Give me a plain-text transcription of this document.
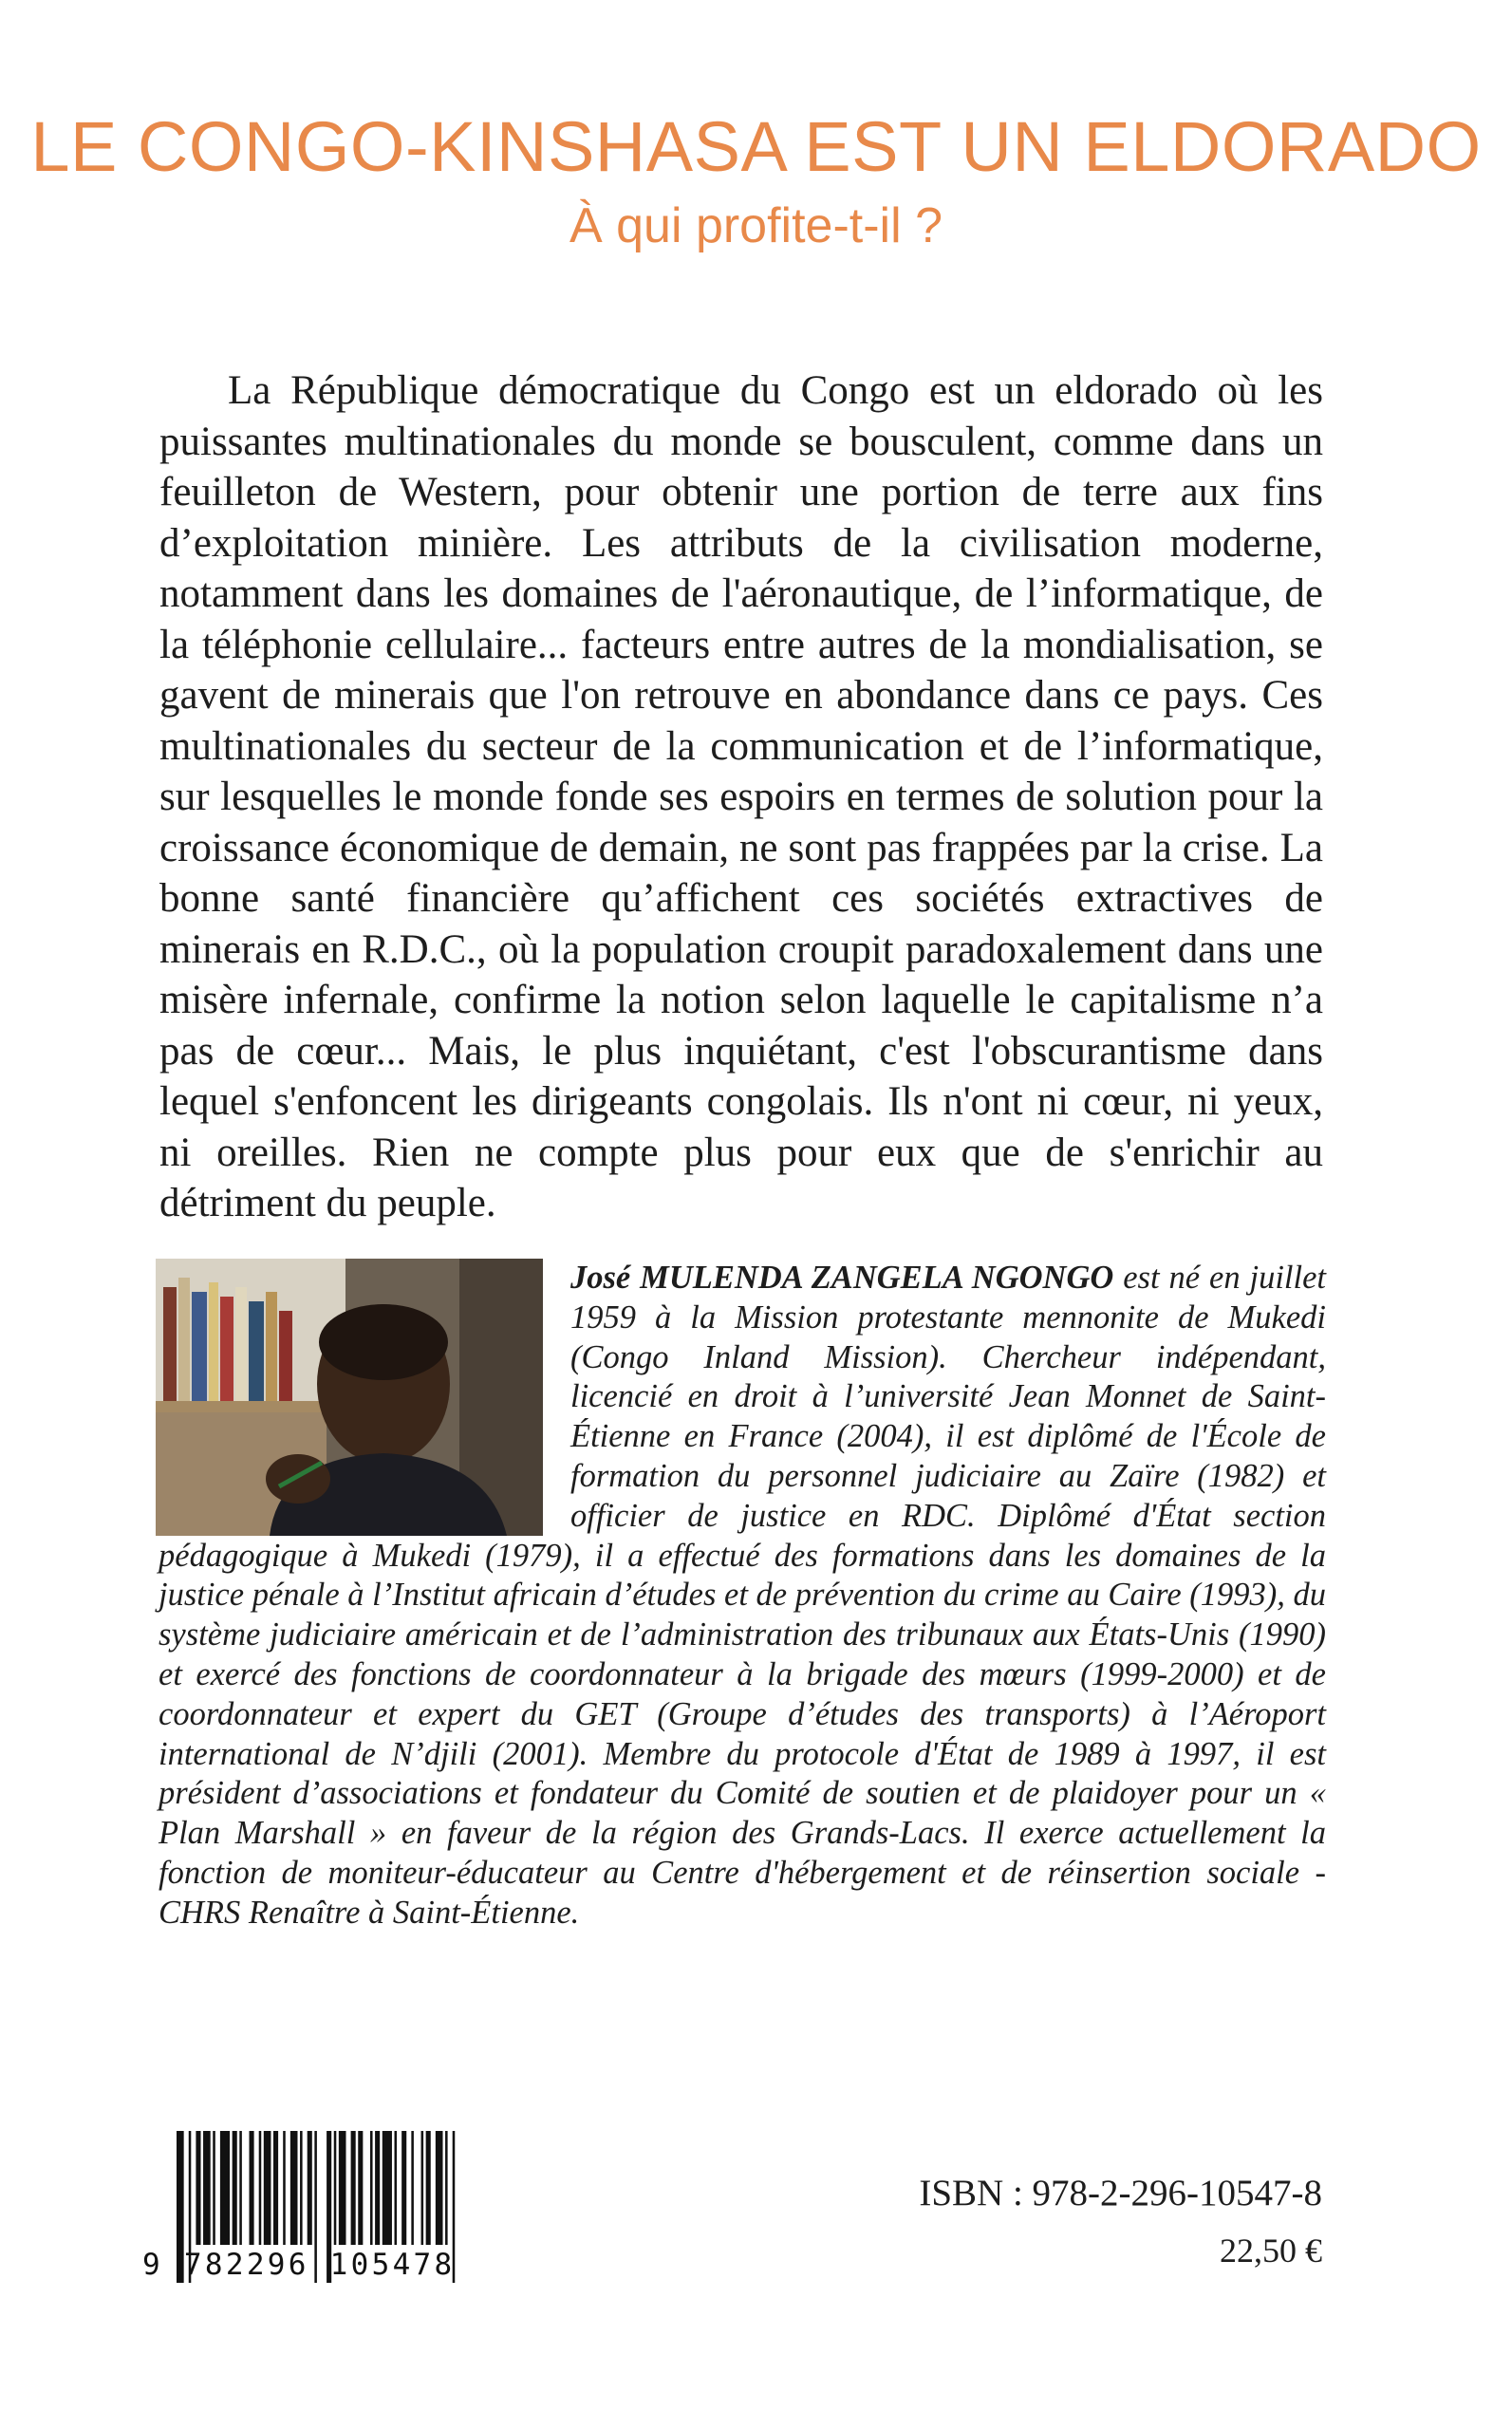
LE CONGO-KINSHASA EST UN ELDORADO
À qui profite-t-il ?

La République démocratique du Congo est un eldorado où les puissantes multinationales du monde se bousculent, comme dans un feuilleton de Western, pour obtenir une portion de terre aux fins d’exploitation minière. Les attributs de la civilisation moderne, notamment dans les domaines de l'aéronautique, de l’informatique, de la téléphonie cellulaire... facteurs entre autres de la mondialisation, se gavent de minerais que l'on retrouve en abondance dans ce pays. Ces multinationales du secteur de la communication et de l’informatique, sur lesquelles le monde fonde ses espoirs en termes de solution pour la croissance économique de demain, ne sont pas frappées par la crise. La bonne santé financière qu’affichent ces sociétés extractives de minerais en R.D.C., où la population croupit paradoxalement dans une misère infernale, confirme la notion selon laquelle le capitalisme n’a pas de cœur... Mais, le plus inquiétant, c'est l'obscurantisme dans lequel s'enfoncent les dirigeants congolais. Ils n'ont ni cœur, ni yeux, ni oreilles. Rien ne compte plus pour eux que de s'enrichir au détriment du peuple.

José MULENDA ZANGELA NGONGO est né en juillet 1959 à la Mission protestante mennonite de Mukedi (Congo Inland Mission). Chercheur indépendant, licencié en droit à l’université Jean Monnet de Saint-Étienne en France (2004), il est diplômé de l'École de formation du personnel judiciaire au Zaïre (1982) et officier de justice en RDC. Diplômé d'État section pédagogique à Mukedi (1979), il a effectué des formations dans les domaines de la justice pénale à l’Institut africain d’études et de prévention du crime au Caire (1993), du système judiciaire américain et de l’administration des tribunaux aux États-Unis (1990) et exercé des fonctions de coordonnateur à la brigade des mœurs (1999-2000) et de coordonnateur et expert du GET (Groupe d’études des transports) à l’Aéroport international de N’djili (2001). Membre du protocole d'État de 1989 à 1997, il est président d’associations et fondateur du Comité de soutien et de plaidoyer pour un « Plan Marshall » en faveur de la région des Grands-Lacs. Il exerce actuellement la fonction de moniteur-éducateur au Centre d'hébergement et de réinsertion sociale - CHRS Renaître à Saint-Étienne.

9 782296 105478
ISBN : 978-2-296-10547-8
22,50 €
